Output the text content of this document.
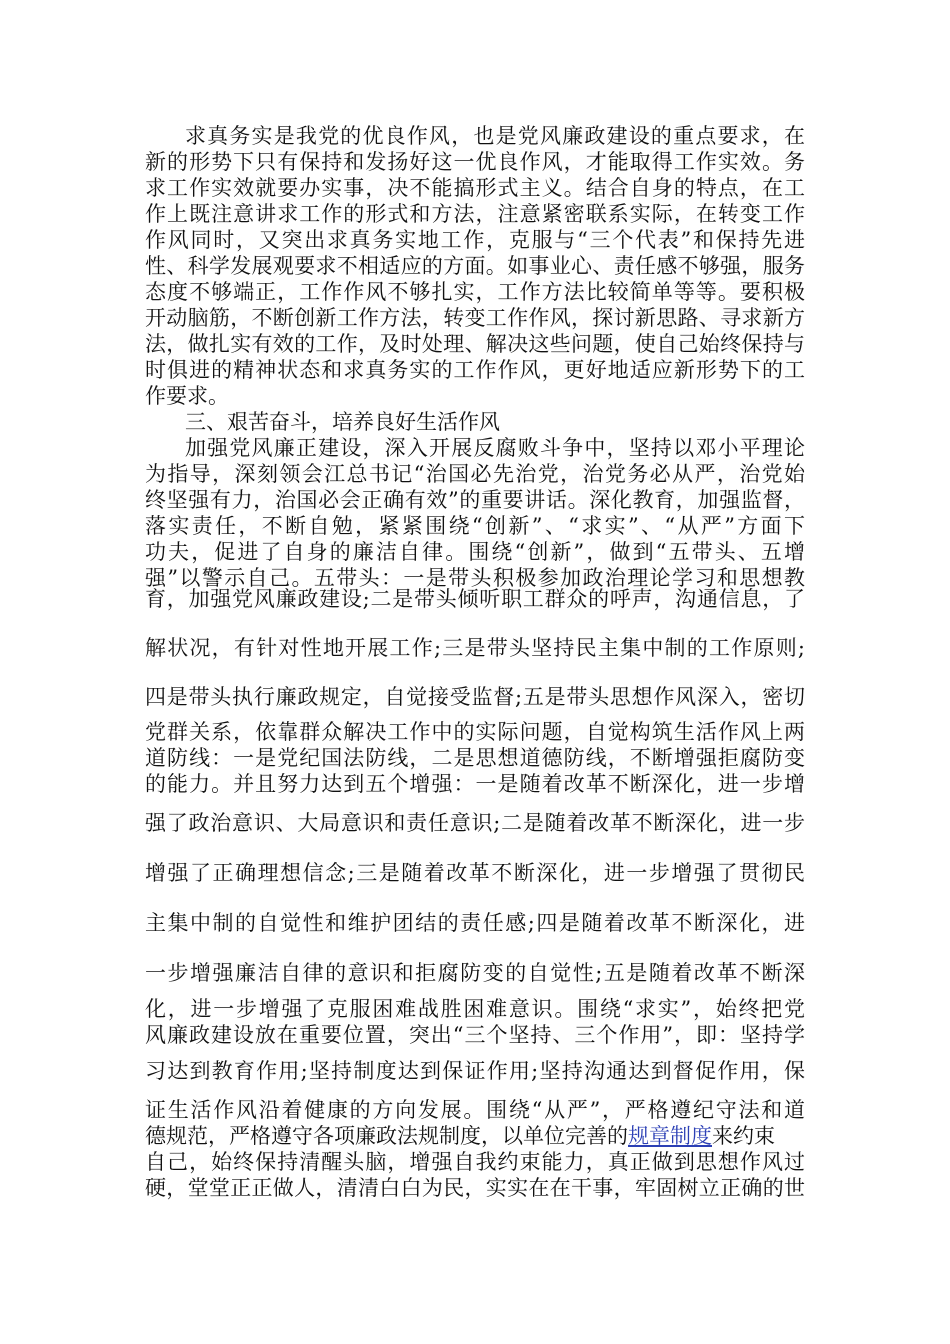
求真务实是我党的优良作风，也是党风廉政建设的重点要求，在
新的形势下只有保持和发扬好这一优良作风，才能取得工作实效。务
求工作实效就要办实事，决不能搞形式主义。结合自身的特点，在工
作上既注意讲求工作的形式和方法，注意紧密联系实际，在转变工作
作风同时，又突出求真务实地工作，克服与“三个代表”和保持先进
性、科学发展观要求不相适应的方面。如事业心、责任感不够强，服务
态度不够端正，工作作风不够扎实，工作方法比较简单等等。要积极
开动脑筋，不断创新工作方法，转变工作作风，探讨新思路、寻求新方
法，做扎实有效的工作，及时处理、解决这些问题，使自己始终保持与
时俱进的精神状态和求真务实的工作作风，更好地适应新形势下的工
作要求。
三、艰苦奋斗，培养良好生活作风
加强党风廉正建设，深入开展反腐败斗争中，坚持以邓小平理论
为指导，深刻领会江总书记“治国必先治党，治党务必从严，治党始
终坚强有力，治国必会正确有效”的重要讲话。深化教育，加强监督，
落实责任，不断自勉，紧紧围绕“创新”、“求实”、“从严”方面下
功夫，促进了自身的廉洁自律。围绕“创新”，做到“五带头、五增
强”以警示自己。五带头：一是带头积极参加政治理论学习和思想教
育，加强党风廉政建设;二是带头倾听职工群众的呼声，沟通信息，了
解状况，有针对性地开展工作;三是带头坚持民主集中制的工作原则;
四是带头执行廉政规定，自觉接受监督;五是带头思想作风深入，密切
党群关系，依靠群众解决工作中的实际问题，自觉构筑生活作风上两
道防线：一是党纪国法防线，二是思想道德防线，不断增强拒腐防变
的能力。并且努力达到五个增强：一是随着改革不断深化，进一步增
强了政治意识、大局意识和责任意识;二是随着改革不断深化，进一步
增强了正确理想信念;三是随着改革不断深化，进一步增强了贯彻民
主集中制的自觉性和维护团结的责任感;四是随着改革不断深化，进
一步增强廉洁自律的意识和拒腐防变的自觉性;五是随着改革不断深
化，进一步增强了克服困难战胜困难意识。围绕“求实”，始终把党
风廉政建设放在重要位置，突出“三个坚持、三个作用”，即：坚持学
习达到教育作用;坚持制度达到保证作用;坚持沟通达到督促作用，保
证生活作风沿着健康的方向发展。围绕“从严”，严格遵纪守法和道
德规范，严格遵守各项廉政法规制度，以单位完善的规章制度来约束
自己，始终保持清醒头脑，增强自我约束能力，真正做到思想作风过
硬，堂堂正正做人，清清白白为民，实实在在干事，牢固树立正确的世
